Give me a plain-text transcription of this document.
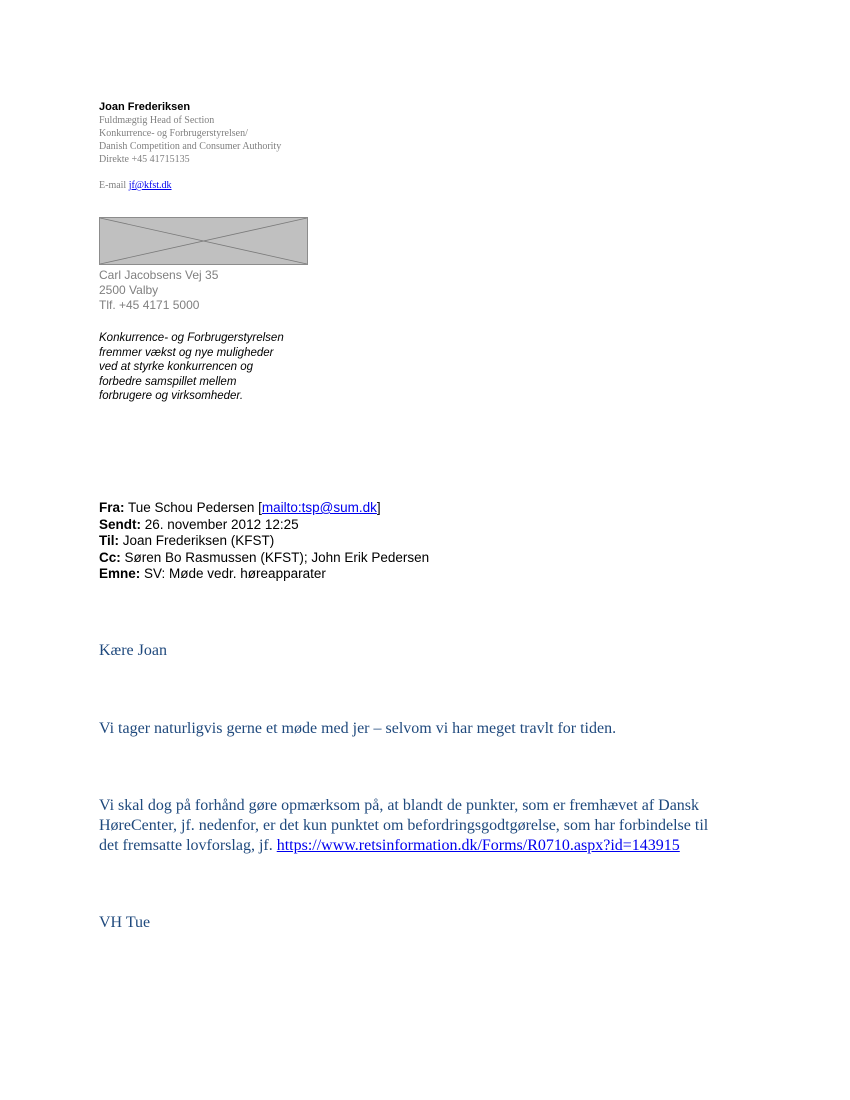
Joan Frederiksen
Fuldmægtig Head of Section
Konkurrence- og Forbrugerstyrelsen/
Danish Competition and Consumer Authority
Direkte +45 41715135
E-mail jf@kfst.dk
Carl Jacobsens Vej 35
2500 Valby
Tlf. +45 4171 5000
Konkurrence- og Forbrugerstyrelsen
fremmer vækst og nye muligheder
ved at styrke konkurrencen og
forbedre samspillet mellem
forbrugere og virksomheder.
Fra: Tue Schou Pedersen [mailto:tsp@sum.dk]
Sendt: 26. november 2012 12:25
Til: Joan Frederiksen (KFST)
Cc: Søren Bo Rasmussen (KFST); John Erik Pedersen
Emne: SV: Møde vedr. høreapparater
Kære Joan
Vi tager naturligvis gerne et møde med jer – selvom vi har meget travlt for tiden.
Vi skal dog på forhånd gøre opmærksom på, at blandt de punkter, som er fremhævet af Dansk
HøreCenter, jf. nedenfor, er det kun punktet om befordringsgodtgørelse, som har forbindelse til
det fremsatte lovforslag, jf. https://www.retsinformation.dk/Forms/R0710.aspx?id=143915
VH Tue
